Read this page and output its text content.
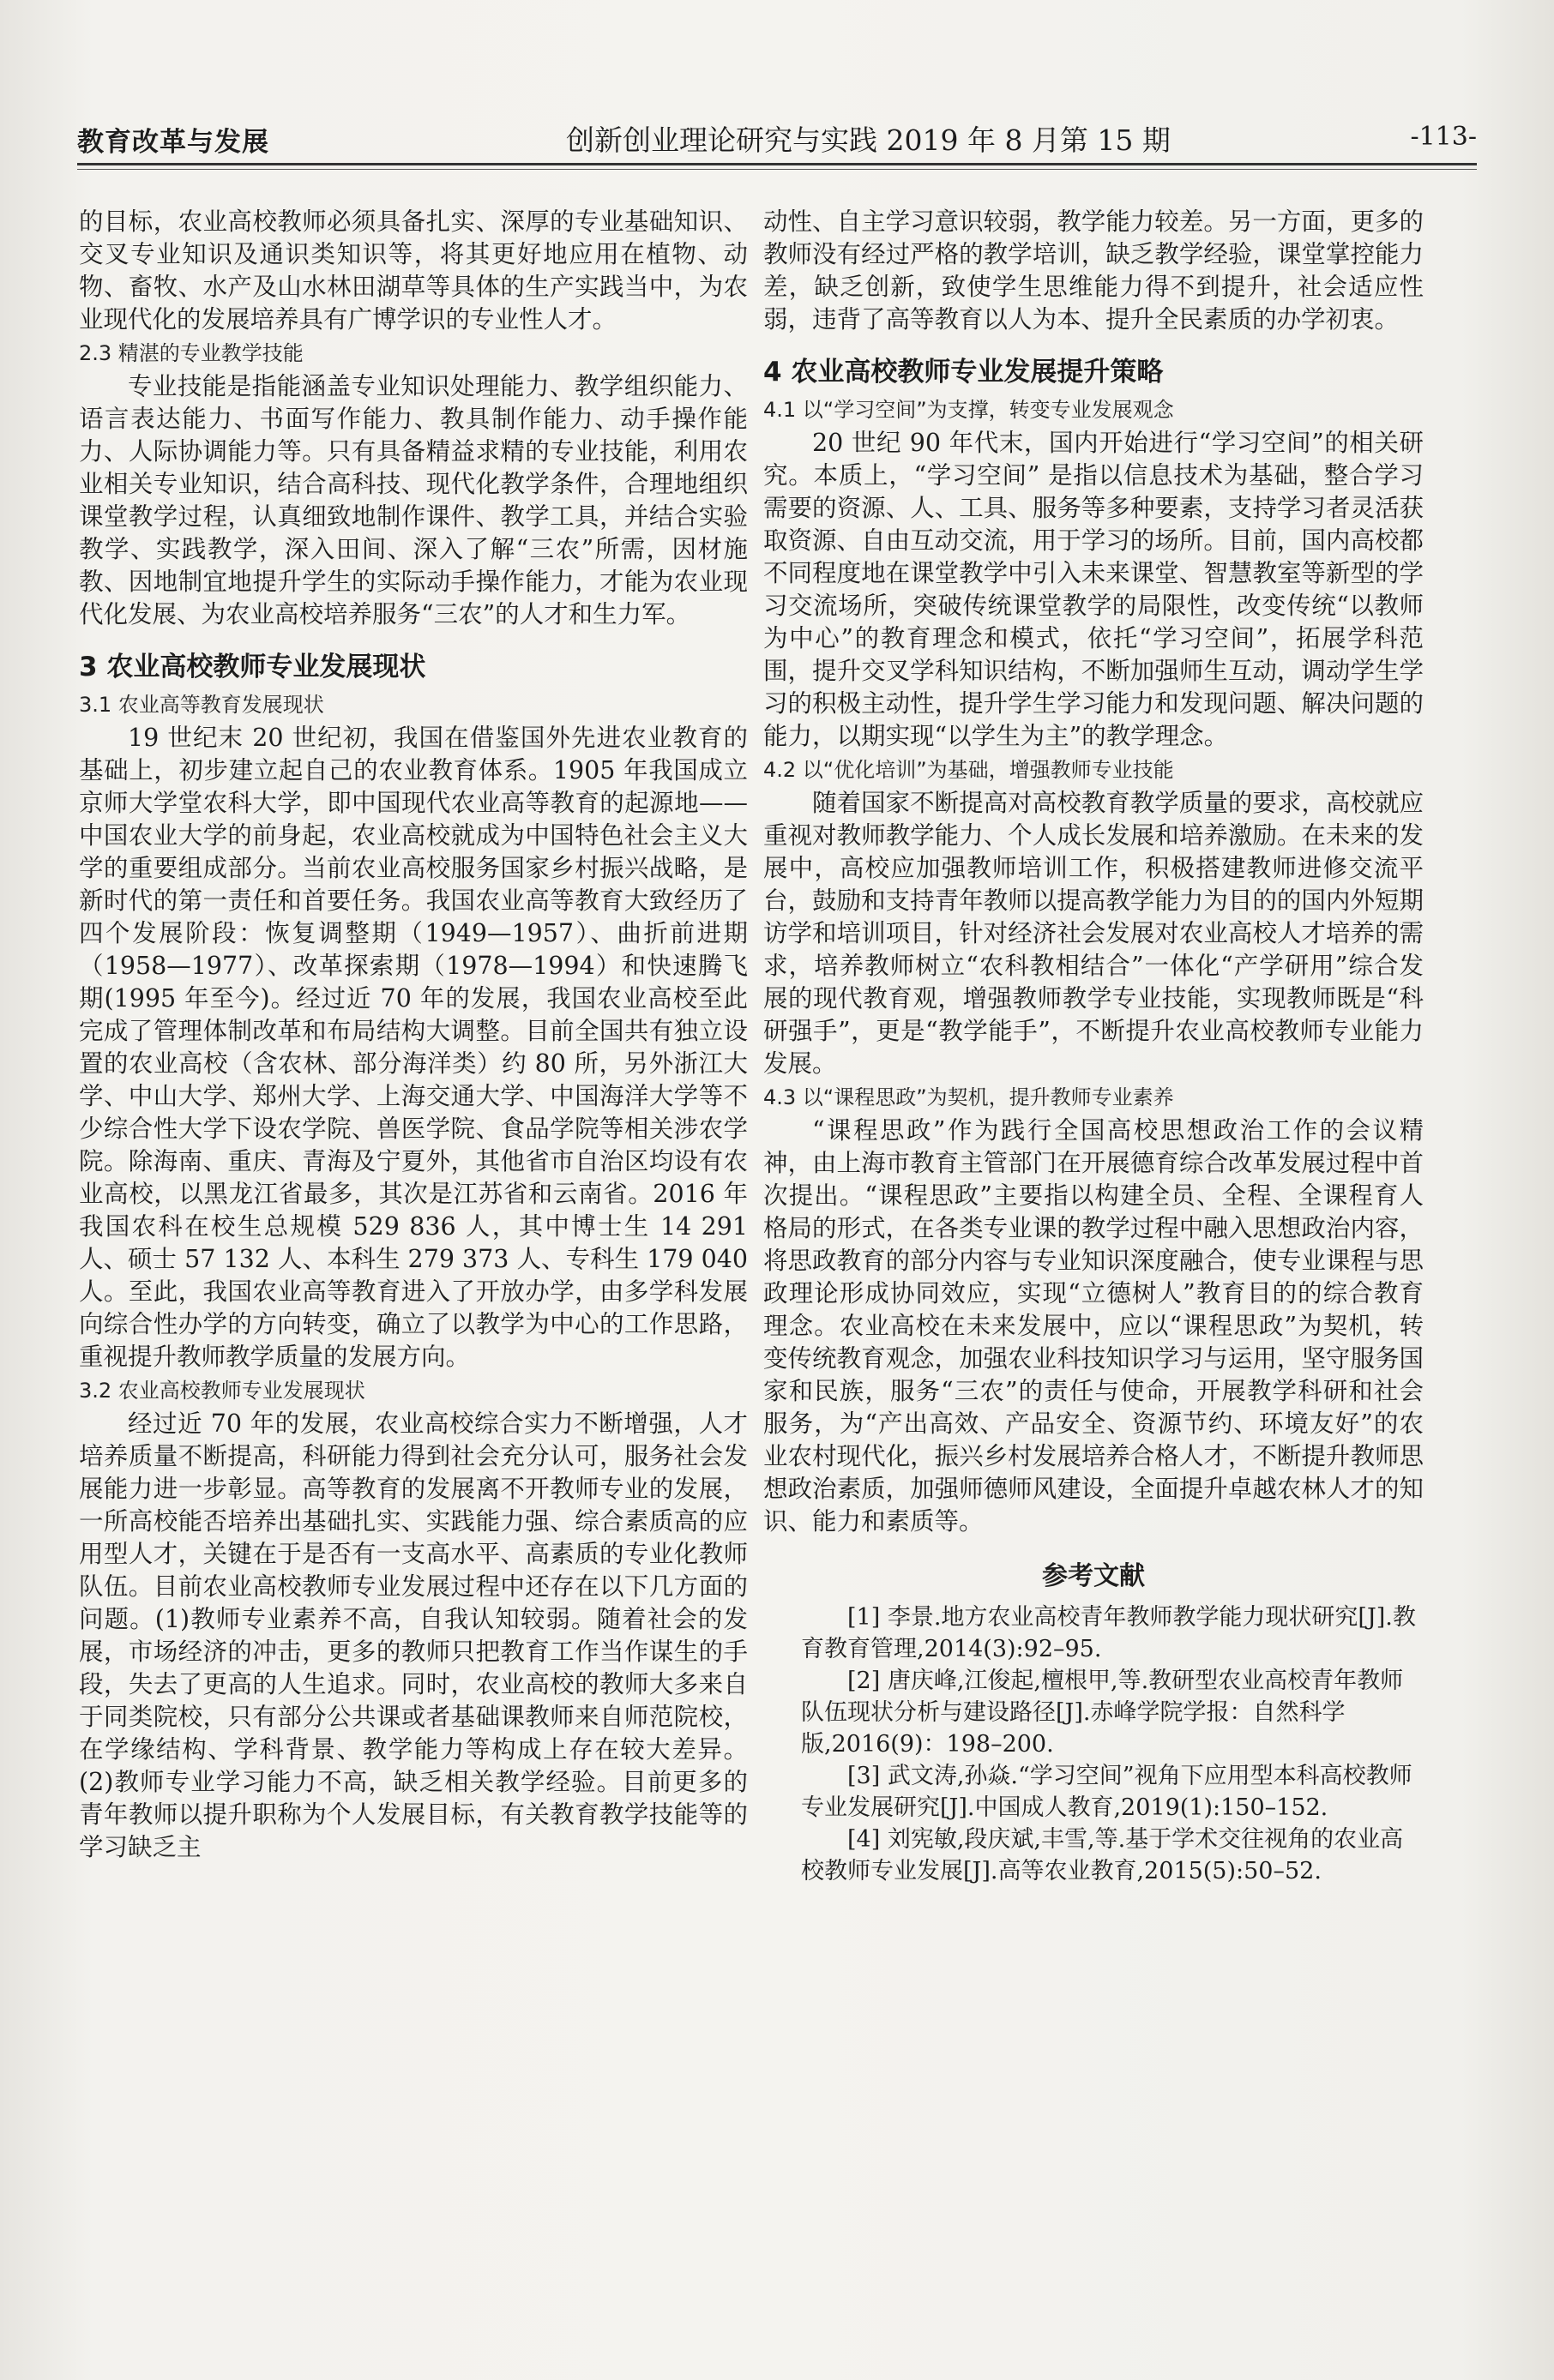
教育改革与发展	创新创业理论研究与实践 2019 年 8 月第 15 期	-113-

的目标，农业高校教师必须具备扎实、深厚的专业基础知识、交叉专业知识及通识类知识等，将其更好地应用在植物、动物、畜牧、水产及山水林田湖草等具体的生产实践当中，为农业现代化的发展培养具有广博学识的专业性人才。

2.3 精湛的专业教学技能

专业技能是指能涵盖专业知识处理能力、教学组织能力、语言表达能力、书面写作能力、教具制作能力、动手操作能力、人际协调能力等。只有具备精益求精的专业技能，利用农业相关专业知识，结合高科技、现代化教学条件，合理地组织课堂教学过程，认真细致地制作课件、教学工具，并结合实验教学、实践教学，深入田间、深入了解“三农”所需，因材施教、因地制宜地提升学生的实际动手操作能力，才能为农业现代化发展、为农业高校培养服务“三农”的人才和生力军。

3 农业高校教师专业发展现状
3.1 农业高等教育发展现状

19 世纪末 20 世纪初，我国在借鉴国外先进农业教育的基础上，初步建立起自己的农业教育体系。1905 年我国成立京师大学堂农科大学，即中国现代农业高等教育的起源地——中国农业大学的前身起，农业高校就成为中国特色社会主义大学的重要组成部分。当前农业高校服务国家乡村振兴战略，是新时代的第一责任和首要任务。我国农业高等教育大致经历了四个发展阶段：恢复调整期（1949—1957）、曲折前进期（1958—1977）、改革探索期（1978—1994）和快速腾飞期(1995 年至今)。经过近 70 年的发展，我国农业高校至此完成了管理体制改革和布局结构大调整。目前全国共有独立设置的农业高校（含农林、部分海洋类）约 80 所，另外浙江大学、中山大学、郑州大学、上海交通大学、中国海洋大学等不少综合性大学下设农学院、兽医学院、食品学院等相关涉农学院。除海南、重庆、青海及宁夏外，其他省市自治区均设有农业高校，以黑龙江省最多，其次是江苏省和云南省。2016 年我国农科在校生总规模 529 836 人，其中博士生 14 291 人、硕士 57 132 人、本科生 279 373 人、专科生 179 040 人。至此，我国农业高等教育进入了开放办学，由多学科发展向综合性办学的方向转变，确立了以教学为中心的工作思路，重视提升教师教学质量的发展方向。

3.2 农业高校教师专业发展现状

经过近 70 年的发展，农业高校综合实力不断增强，人才培养质量不断提高，科研能力得到社会充分认可，服务社会发展能力进一步彰显。高等教育的发展离不开教师专业的发展，一所高校能否培养出基础扎实、实践能力强、综合素质高的应用型人才，关键在于是否有一支高水平、高素质的专业化教师队伍。目前农业高校教师专业发展过程中还存在以下几方面的问题。(1)教师专业素养不高，自我认知较弱。随着社会的发展，市场经济的冲击，更多的教师只把教育工作当作谋生的手段，失去了更高的人生追求。同时，农业高校的教师大多来自于同类院校，只有部分公共课或者基础课教师来自师范院校，在学缘结构、学科背景、教学能力等构成上存在较大差异。(2)教师专业学习能力不高，缺乏相关教学经验。目前更多的青年教师以提升职称为个人发展目标，有关教育教学技能等的学习缺乏主

动性、自主学习意识较弱，教学能力较差。另一方面，更多的教师没有经过严格的教学培训，缺乏教学经验，课堂掌控能力差，缺乏创新，致使学生思维能力得不到提升，社会适应性弱，违背了高等教育以人为本、提升全民素质的办学初衷。

4 农业高校教师专业发展提升策略
4.1 以“学习空间”为支撑，转变专业发展观念

20 世纪 90 年代末，国内开始进行“学习空间”的相关研究。本质上，“学习空间” 是指以信息技术为基础，整合学习需要的资源、人、工具、服务等多种要素，支持学习者灵活获取资源、自由互动交流，用于学习的场所。目前，国内高校都不同程度地在课堂教学中引入未来课堂、智慧教室等新型的学习交流场所，突破传统课堂教学的局限性，改变传统“以教师为中心”的教育理念和模式，依托“学习空间”，拓展学科范围，提升交叉学科知识结构，不断加强师生互动，调动学生学习的积极主动性，提升学生学习能力和发现问题、解决问题的能力，以期实现“以学生为主”的教学理念。

4.2 以“优化培训”为基础，增强教师专业技能

随着国家不断提高对高校教育教学质量的要求，高校就应重视对教师教学能力、个人成长发展和培养激励。在未来的发展中，高校应加强教师培训工作，积极搭建教师进修交流平台，鼓励和支持青年教师以提高教学能力为目的的国内外短期访学和培训项目，针对经济社会发展对农业高校人才培养的需求，培养教师树立“农科教相结合”一体化“产学研用”综合发展的现代教育观，增强教师教学专业技能，实现教师既是“科研强手”，更是“教学能手”，不断提升农业高校教师专业能力发展。

4.3 以“课程思政”为契机，提升教师专业素养

“课程思政”作为践行全国高校思想政治工作的会议精神，由上海市教育主管部门在开展德育综合改革发展过程中首次提出。“课程思政”主要指以构建全员、全程、全课程育人格局的形式，在各类专业课的教学过程中融入思想政治内容，将思政教育的部分内容与专业知识深度融合，使专业课程与思政理论形成协同效应，实现“立德树人”教育目的的综合教育理念。农业高校在未来发展中，应以“课程思政”为契机，转变传统教育观念，加强农业科技知识学习与运用，坚守服务国家和民族，服务“三农”的责任与使命，开展教学科研和社会服务，为“产出高效、产品安全、资源节约、环境友好”的农业农村现代化，振兴乡村发展培养合格人才，不断提升教师思想政治素质，加强师德师风建设，全面提升卓越农林人才的知识、能力和素质等。

参考文献

[1] 李景.地方农业高校青年教师教学能力现状研究[J].教育教育管理,2014(3):92–95.

[2] 唐庆峰,江俊起,檀根甲,等.教研型农业高校青年教师队伍现状分析与建设路径[J].赤峰学院学报：自然科学版,2016(9)：198–200.

[3] 武文涛,孙焱.“学习空间”视角下应用型本科高校教师专业发展研究[J].中国成人教育,2019(1):150–152.

[4] 刘宪敏,段庆斌,丰雪,等.基于学术交往视角的农业高校教师专业发展[J].高等农业教育,2015(5):50–52.
